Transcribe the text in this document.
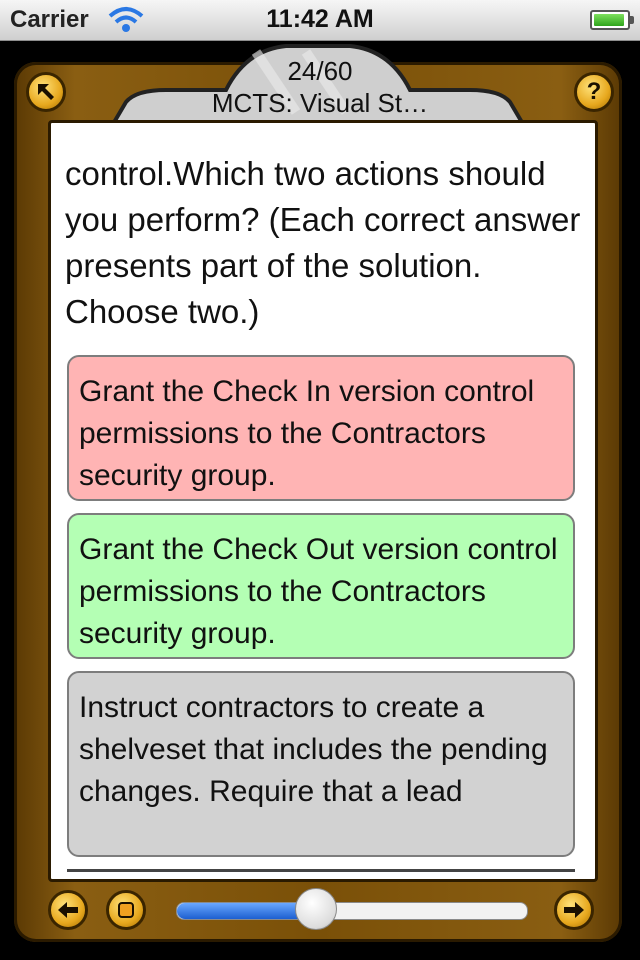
Carrier	11:42 AM
24/60
MCTS: Visual St…	?
control.Which two actions should you perform? (Each correct answer presents part of the solution. Choose two.)
Grant the Check In version control permissions to the Contractors security group.
Grant the Check Out version control permissions to the Contractors security group.
Instruct contractors to create a shelveset that includes the pending changes. Require that a lead
